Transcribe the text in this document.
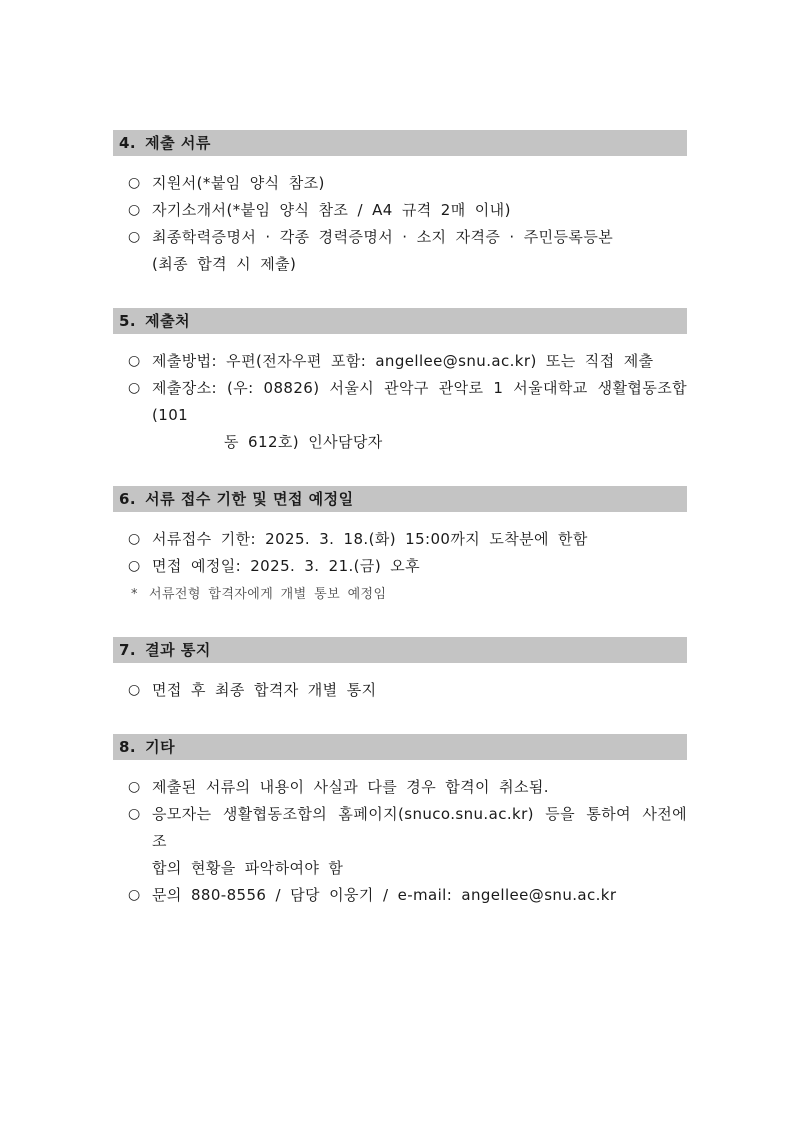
4. 제출 서류
○ 지원서(*붙임 양식 참조)
○ 자기소개서(*붙임 양식 참조 / A4 규격 2매 이내)
○ 최종학력증명서 · 각종 경력증명서 · 소지 자격증 · 주민등록등본
(최종 합격 시 제출)
5. 제출처
○ 제출방법: 우편(전자우편 포함: angellee@snu.ac.kr) 또는 직접 제출
○ 제출장소: (우: 08826) 서울시 관악구 관악로 1 서울대학교 생활협동조합(101
동 612호) 인사담당자
6. 서류 접수 기한 및 면접 예정일
○ 서류접수 기한: 2025. 3. 18.(화) 15:00까지 도착분에 한함
○ 면접 예정일: 2025. 3. 21.(금) 오후
* 서류전형 합격자에게 개별 통보 예정임
7. 결과 통지
○ 면접 후 최종 합격자 개별 통지
8. 기타
○ 제출된 서류의 내용이 사실과 다를 경우 합격이 취소됨.
○ 응모자는 생활협동조합의 홈페이지(snuco.snu.ac.kr) 등을 통하여 사전에 조
합의 현황을 파악하여야 함
○ 문의 880-8556 / 담당 이웅기 / e-mail: angellee@snu.ac.kr
